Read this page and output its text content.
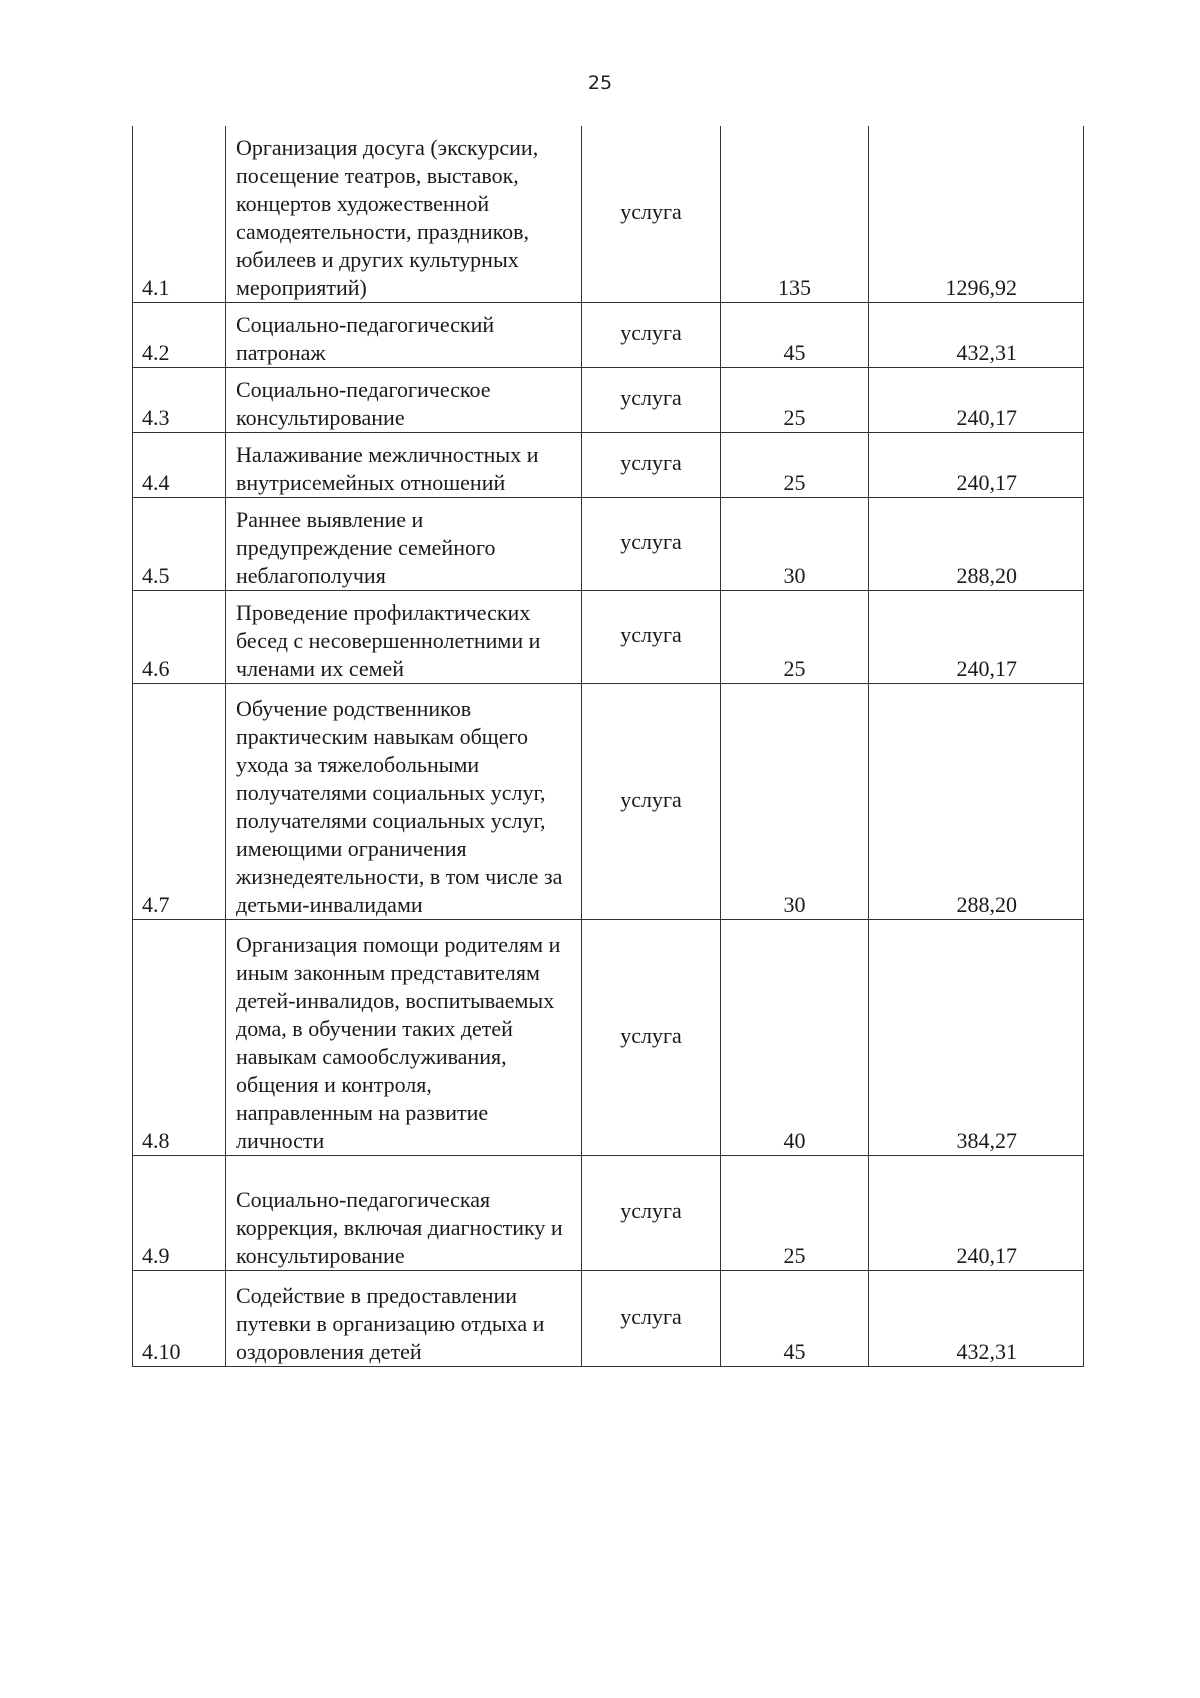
25
4.1	Организация досуга (экскурсии, посещение театров, выставок, концертов художественной самодеятельности, праздников, юбилеев и других культурных мероприятий)	услуга	135	1296,92
4.2	Социально-педагогический патронаж	услуга	45	432,31
4.3	Социально-педагогическое консультирование	услуга	25	240,17
4.4	Налаживание межличностных и внутрисемейных отношений	услуга	25	240,17
4.5	Раннее выявление и предупреждение семейного неблагополучия	услуга	30	288,20
4.6	Проведение профилактических бесед с несовершеннолетними и членами их семей	услуга	25	240,17
4.7	Обучение родственников практическим навыкам общего ухода за тяжелобольными получателями социальных услуг, получателями социальных услуг, имеющими ограничения жизнедеятельности, в том числе за детьми-инвалидами	услуга	30	288,20
4.8	Организация помощи родителям и иным законным представителям детей-инвалидов, воспитываемых дома, в обучении таких детей навыкам самообслуживания, общения и контроля, направленным на развитие личности	услуга	40	384,27
4.9	Социально-педагогическая коррекция, включая диагностику и консультирование	услуга	25	240,17
4.10	Содействие в предоставлении путевки в организацию отдыха и оздоровления детей	услуга	45	432,31
